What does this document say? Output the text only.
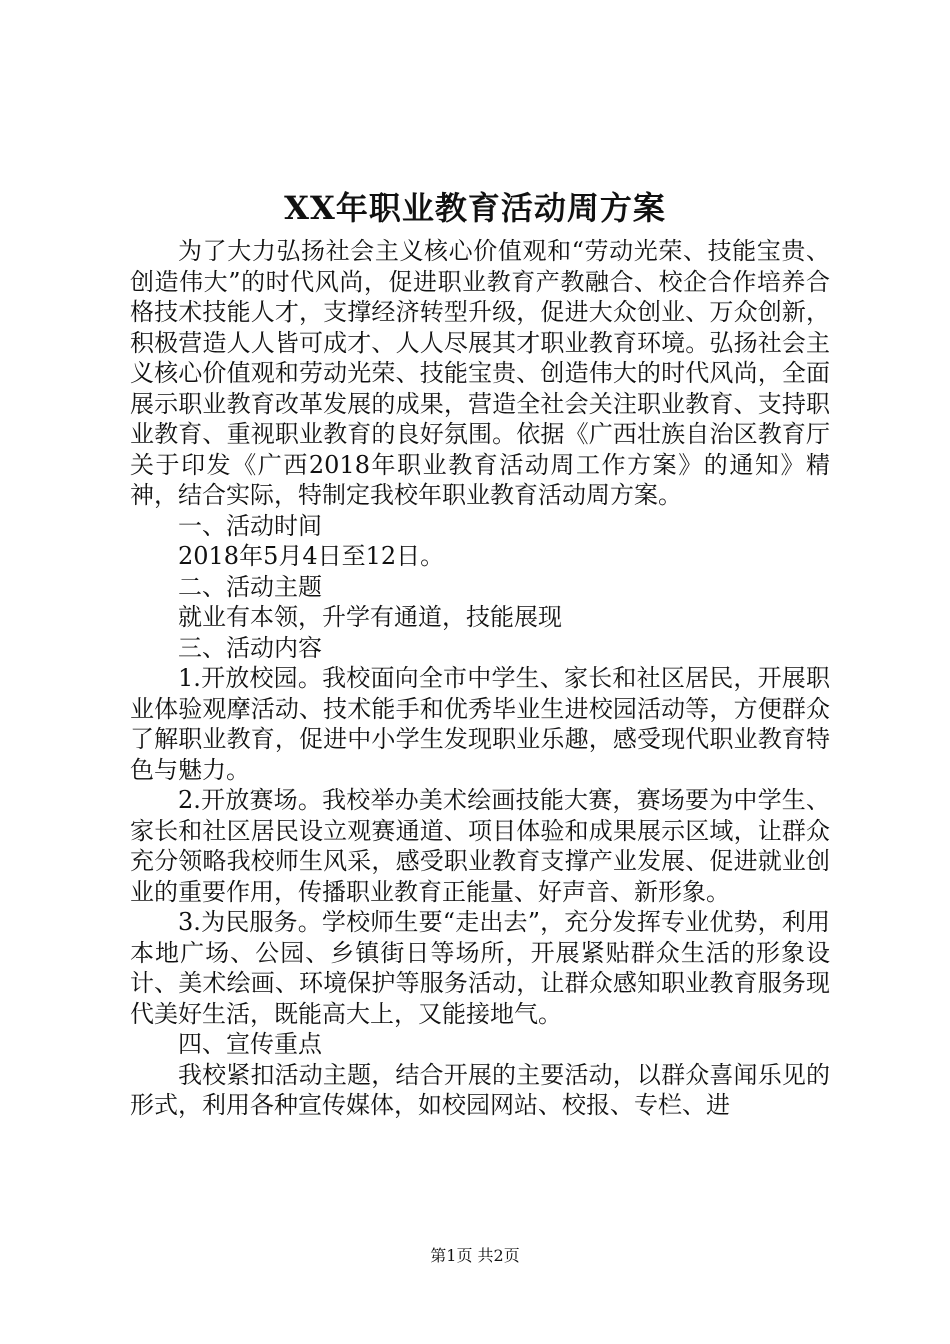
XX年职业教育活动周方案

为了大力弘扬社会主义核心价值观和“劳动光荣、技能宝贵、创造伟大”的时代风尚，促进职业教育产教融合、校企合作培养合格技术技能人才，支撑经济转型升级，促进大众创业、万众创新，积极营造人人皆可成才、人人尽展其才职业教育环境。弘扬社会主义核心价值观和劳动光荣、技能宝贵、创造伟大的时代风尚，全面展示职业教育改革发展的成果，营造全社会关注职业教育、支持职业教育、重视职业教育的良好氛围。依据《广西壮族自治区教育厅关于印发《广西2018年职业教育活动周工作方案》的通知》精神，结合实际，特制定我校年职业教育活动周方案。

一、活动时间

2018年5月4日至12日。

二、活动主题

就业有本领，升学有通道，技能展现

三、活动内容

1.开放校园。我校面向全市中学生、家长和社区居民，开展职业体验观摩活动、技术能手和优秀毕业生进校园活动等，方便群众了解职业教育，促进中小学生发现职业乐趣，感受现代职业教育特色与魅力。

2.开放赛场。我校举办美术绘画技能大赛，赛场要为中学生、家长和社区居民设立观赛通道、项目体验和成果展示区域，让群众充分领略我校师生风采，感受职业教育支撑产业发展、促进就业创业的重要作用，传播职业教育正能量、好声音、新形象。

3.为民服务。学校师生要“走出去”，充分发挥专业优势，利用本地广场、公园、乡镇街日等场所，开展紧贴群众生活的形象设计、美术绘画、环境保护等服务活动，让群众感知职业教育服务现代美好生活，既能高大上，又能接地气。

四、宣传重点

我校紧扣活动主题，结合开展的主要活动，以群众喜闻乐见的形式，利用各种宣传媒体，如校园网站、校报、专栏、进

第1页 共2页
